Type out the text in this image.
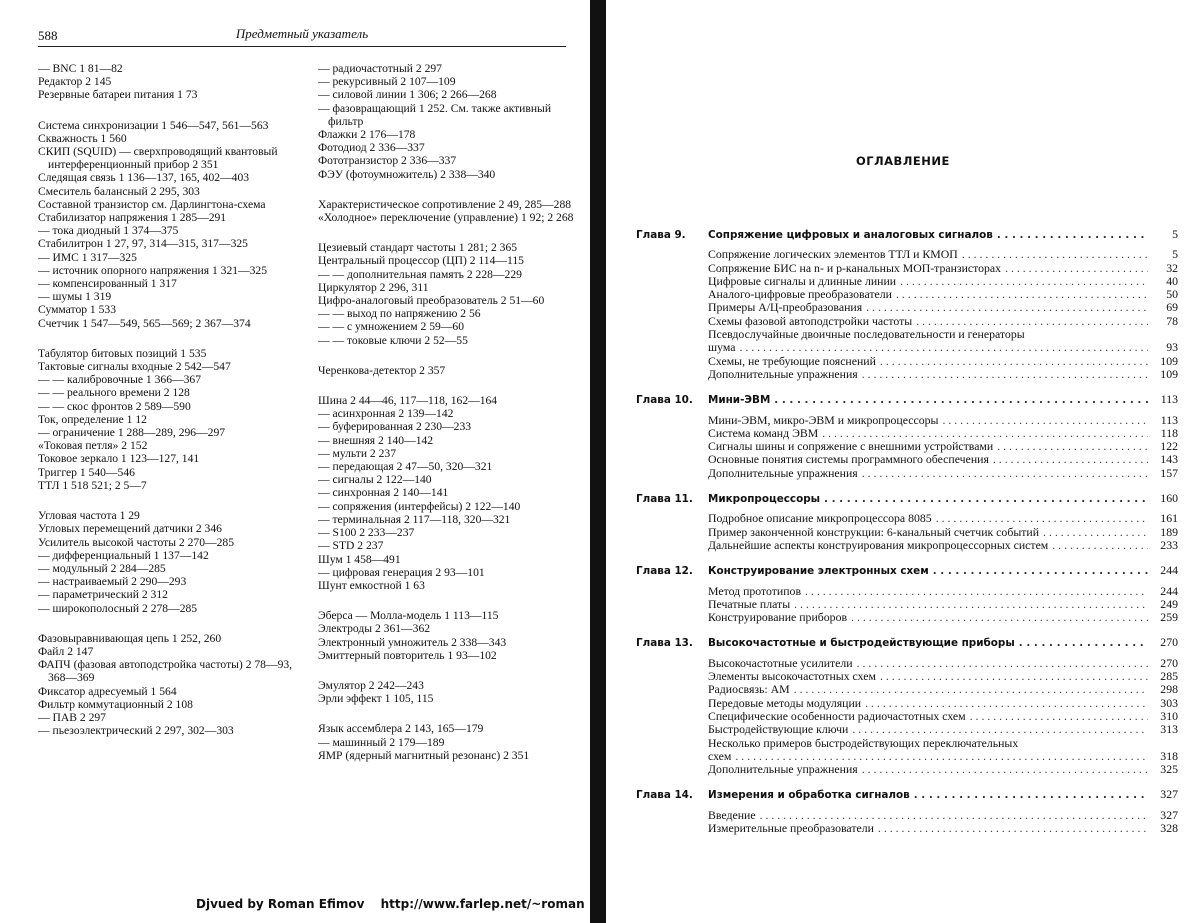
588	Предметный указатель
— BNC 1 81—82
Редактор 2 145
Резервные батареи питания 1 73
Система синхронизации 1 546—547, 561—563
Скважность 1 560
СКИП (SQUID) — сверхпроводящий квантовый интерференционный прибор 2 351
Следящая связь 1 136—137, 165, 402—403
Смеситель балансный 2 295, 303
Составной транзистор см. Дарлингтона-схема
Стабилизатор напряжения 1 285—291
— тока диодный 1 374—375
Стабилитрон 1 27, 97, 314—315, 317—325
— ИМС 1 317—325
— источник опорного напряжения 1 321—325
— компенсированный 1 317
— шумы 1 319
Сумматор 1 533
Счетчик 1 547—549, 565—569; 2 367—374
Табулятор битовых позиций 1 535
Тактовые сигналы входные 2 542—547
— — калибровочные 1 366—367
— — реального времени 2 128
— — скос фронтов 2 589—590
Ток, определение 1 12
— ограничение 1 288—289, 296—297
«Токовая петля» 2 152
Токовое зеркало 1 123—127, 141
Триггер 1 540—546
ТТЛ 1 518 521; 2 5—7
Угловая частота 1 29
Угловых перемещений датчики 2 346
Усилитель высокой частоты 2 270—285
— дифференциальный 1 137—142
— модульный 2 284—285
— настраиваемый 2 290—293
— параметрический 2 312
— широкополосный 2 278—285
Фазовыравнивающая цепь 1 252, 260
Файл 2 147
ФАПЧ (фазовая автоподстройка частоты) 2 78—93, 368—369
Фиксатор адресуемый 1 564
Фильтр коммутационный 2 108
— ПАВ 2 297
— пьезоэлектрический 2 297, 302—303
— радиочастотный 2 297
— рекурсивный 2 107—109
— силовой линии 1 306; 2 266—268
— фазовращающий 1 252. См. также активный фильтр
Флажки 2 176—178
Фотодиод 2 336—337
Фототранзистор 2 336—337
ФЭУ (фотоумножитель) 2 338—340
Характеристическое сопротивление 2 49, 285—288
«Холодное» переключение (управление) 1 92; 2 268
Цезиевый стандарт частоты 1 281; 2 365
Центральный процессор (ЦП) 2 114—115
— — дополнительная память 2 228—229
Циркулятор 2 296, 311
Цифро-аналоговый преобразователь 2 51—60
— — выход по напряжению 2 56
— — с умножением 2 59—60
— — токовые ключи 2 52—55
Черенкова-детектор 2 357
Шина 2 44—46, 117—118, 162—164
— асинхронная 2 139—142
— буферированная 2 230—233
— внешняя 2 140—142
— мульти 2 237
— передающая 2 47—50, 320—321
— сигналы 2 122—140
— синхронная 2 140—141
— сопряжения (интерфейсы) 2 122—140
— терминальная 2 117—118, 320—321
— S100 2 233—237
— STD 2 237
Шум 1 458—491
— цифровая генерация 2 93—101
Шунт емкостной 1 63
Эберса — Молла-модель 1 113—115
Электроды 2 361—362
Электронный умножитель 2 338—343
Эмиттерный повторитель 1 93—102
Эмулятор 2 242—243
Эрли эффект 1 105, 115
Язык ассемблера 2 143, 165—179
— машинный 2 179—189
ЯМР (ядерный магнитный резонанс) 2 351
Djvued by Roman Efimov http://www.farlep.net/~roman
ОГЛАВЛЕНИЕ
Глава 9.	Сопряжение цифровых и аналоговых сигналов . . .	5
Сопряжение логических элементов ТТЛ и КМОП . . .	5
Сопряжение БИС на n- и p-канальных МОП-транзисторах . . .	32
Цифровые сигналы и длинные линии . . .	40
Аналого-цифровые преобразователи . . .	50
Примеры А/Ц-преобразования . . .	69
Схемы фазовой автоподстройки частоты . . .	78
Псевдослучайные двоичные последовательности и генераторы
шума . . .	93
Схемы, не требующие пояснений . . .	109
Дополнительные упражнения . . .	109
Глава 10.	Мини-ЭВМ . . .	113
Мини-ЭВМ, микро-ЭВМ и микропроцессоры . . .	113
Система команд ЭВМ . . .	118
Сигналы шины и сопряжение с внешними устройствами . . .	122
Основные понятия системы программного обеспечения . . .	143
Дополнительные упражнения . . .	157
Глава 11.	Микропроцессоры . . .	160
Подробное описание микропроцессора 8085 . . .	161
Пример законченной конструкции: 6-канальный счетчик событий . . .	189
Дальнейшие аспекты конструирования микропроцессорных систем . . .	233
Глава 12.	Конструирование электронных схем . . .	244
Метод прототипов . . .	244
Печатные платы . . .	249
Конструирование приборов . . .	259
Глава 13.	Высокочастотные и быстродействующие приборы . . .	270
Высокочастотные усилители . . .	270
Элементы высокочастотных схем . . .	285
Радиосвязь: АМ . . .	298
Передовые методы модуляции . . .	303
Специфические особенности радиочастотных схем . . .	310
Быстродействующие ключи . . .	313
Несколько примеров быстродействующих переключательных
схем . . .	318
Дополнительные упражнения . . .	325
Глава 14.	Измерения и обработка сигналов . . .	327
Введение . . .	327
Измерительные преобразователи . . .	328
